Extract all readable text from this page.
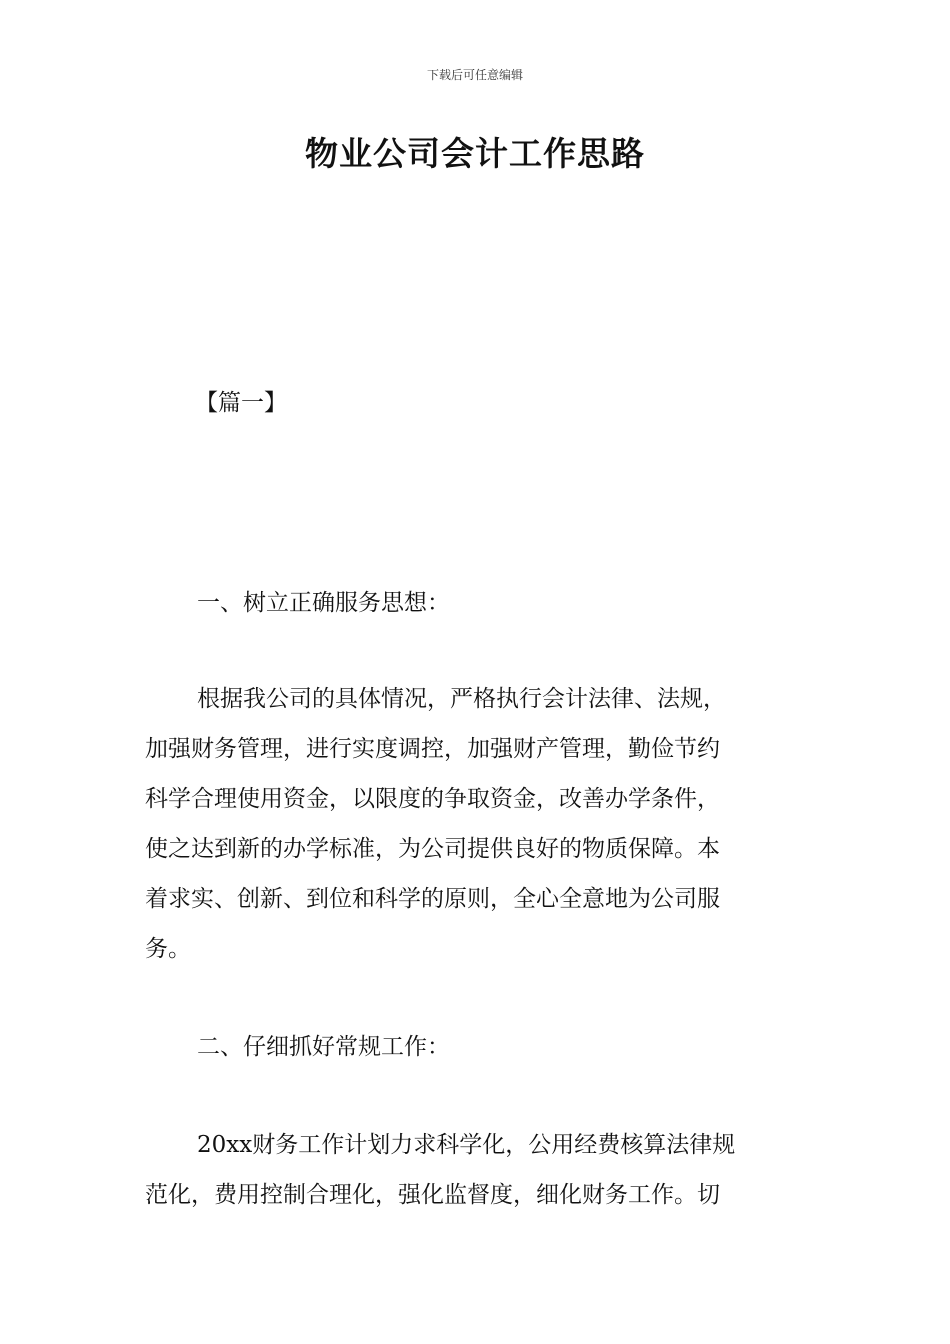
下载后可任意编辑
物业公司会计工作思路
【篇一】
一、树立正确服务思想：
根据我公司的具体情况，严格执行会计法律、法规，
加强财务管理，进行实度调控，加强财产管理，勤俭节约
科学合理使用资金，以限度的争取资金，改善办学条件，
使之达到新的办学标准，为公司提供良好的物质保障。本
着求实、创新、到位和科学的原则，全心全意地为公司服
务。
二、仔细抓好常规工作：
20xx财务工作计划力求科学化，公用经费核算法律规
范化，费用控制合理化，强化监督度，细化财务工作。切
